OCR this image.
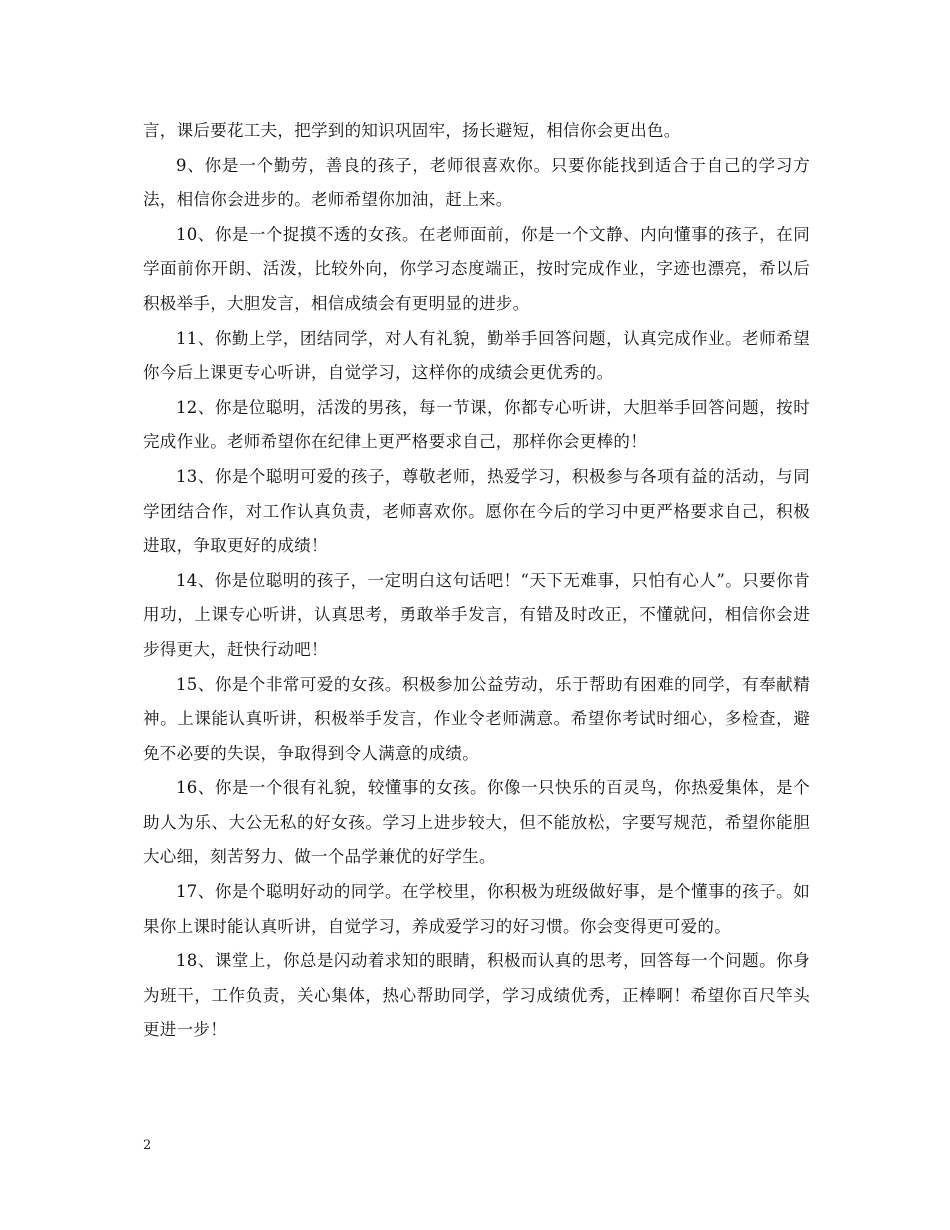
言，课后要花工夫，把学到的知识巩固牢，扬长避短，相信你会更出色。

9、你是一个勤劳，善良的孩子，老师很喜欢你。只要你能找到适合于自己的学习方法，相信你会进步的。老师希望你加油，赶上来。

10、你是一个捉摸不透的女孩。在老师面前，你是一个文静、内向懂事的孩子，在同学面前你开朗、活泼，比较外向，你学习态度端正，按时完成作业，字迹也漂亮，希以后积极举手，大胆发言，相信成绩会有更明显的进步。

11、你勤上学，团结同学，对人有礼貌，勤举手回答问题，认真完成作业。老师希望你今后上课更专心听讲，自觉学习，这样你的成绩会更优秀的。

12、你是位聪明，活泼的男孩，每一节课，你都专心听讲，大胆举手回答问题，按时完成作业。老师希望你在纪律上更严格要求自己，那样你会更棒的！

13、你是个聪明可爱的孩子，尊敬老师，热爱学习，积极参与各项有益的活动，与同学团结合作，对工作认真负责，老师喜欢你。愿你在今后的学习中更严格要求自己，积极进取，争取更好的成绩！

14、你是位聪明的孩子，一定明白这句话吧！“天下无难事，只怕有心人”。只要你肯用功，上课专心听讲，认真思考，勇敢举手发言，有错及时改正，不懂就问，相信你会进步得更大，赶快行动吧！

15、你是个非常可爱的女孩。积极参加公益劳动，乐于帮助有困难的同学，有奉献精神。上课能认真听讲，积极举手发言，作业令老师满意。希望你考试时细心，多检查，避免不必要的失误，争取得到令人满意的成绩。

16、你是一个很有礼貌，较懂事的女孩。你像一只快乐的百灵鸟，你热爱集体，是个助人为乐、大公无私的好女孩。学习上进步较大，但不能放松，字要写规范，希望你能胆大心细，刻苦努力、做一个品学兼优的好学生。

17、你是个聪明好动的同学。在学校里，你积极为班级做好事，是个懂事的孩子。如果你上课时能认真听讲，自觉学习，养成爱学习的好习惯。你会变得更可爱的。

18、课堂上，你总是闪动着求知的眼睛，积极而认真的思考，回答每一个问题。你身为班干，工作负责，关心集体，热心帮助同学，学习成绩优秀，正棒啊！希望你百尺竿头更进一步！

2
